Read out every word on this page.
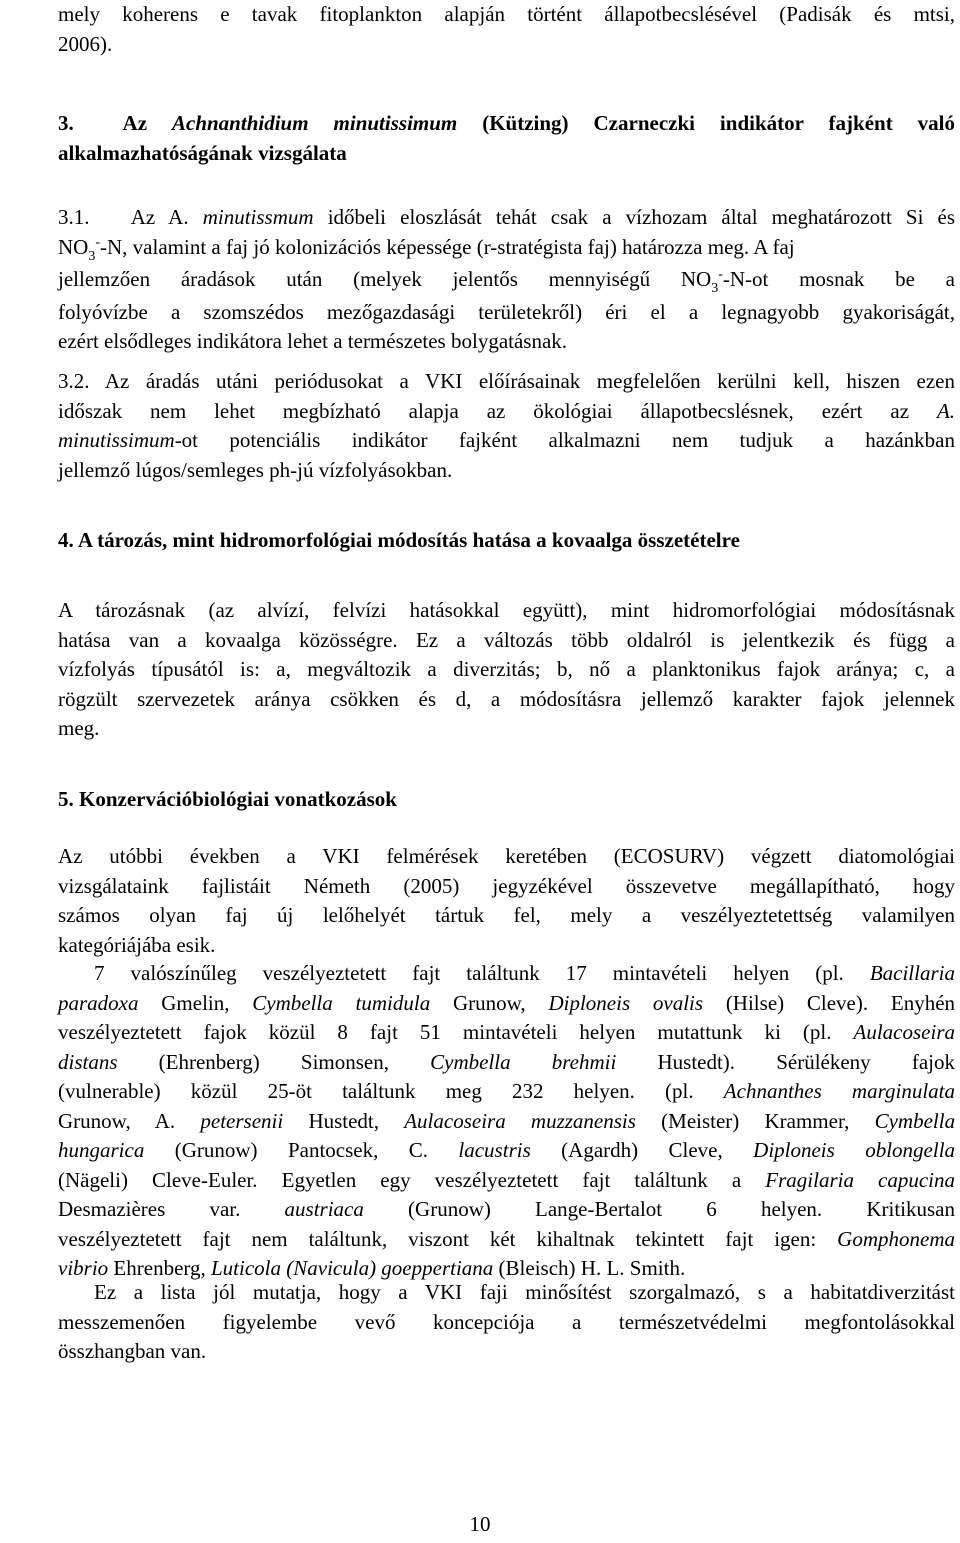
mely koherens e tavak fitoplankton alapján történt állapotbecslésével (Padisák és mtsi,

2006).

3. Az Achnanthidium minutissimum (Kützing) Czarneczki indikátor fajként való

alkalmazhatóságának vizsgálata

3.1. Az A. minutissmum időbeli eloszlását tehát csak a vízhozam által meghatározott Si és

$NO_3^--N$, valamint a faj jó kolonizációs képessége (r-stratégista faj) határozza meg. A faj

jellemzően áradások után (melyek jelentős mennyiségű $NO_3^--N-ot$ mosnak be a

folyóvízbe a szomszédos mezőgazdasági területekről) éri el a legnagyobb gyakoriságát,

ezért elsődleges indikátora lehet a természetes bolygatásnak.

3.2. Az áradás utáni periódusokat a VKI előírásainak megfelelően kerülni kell, hiszen ezen

időszak nem lehet megbízható alapja az ökológiai állapotbecslésnek, ezért az A.

minutissimum-ot potenciális indikátor fajként alkalmazni nem tudjuk a hazánkban

jellemző lúgos/semleges ph-jú vízfolyásokban.

4. A tározás, mint hidromorfológiai módosítás hatása a kovaalga összetételre

A tározásnak (az alvízí, felvízi hatásokkal együtt), mint hidromorfológiai módosításnak

hatása van a kovaalga közösségre. Ez a változás több oldalról is jelentkezik és függ a

vízfolyás típusától is: a, megváltozik a diverzitás; b, nő a planktonikus fajok aránya; c, a

rögzült szervezetek aránya csökken és d, a módosításra jellemző karakter fajok jelennek

meg.

5. Konzervációbiológiai vonatkozások

Az utóbbi években a VKI felmérések keretében (ECOSURV) végzett diatomológiai

vizsgálataink fajlistáit Németh (2005) jegyzékével összevetve megállapítható, hogy

számos olyan faj új lelőhelyét tártuk fel, mely a veszélyeztetettség valamilyen

kategóriájába esik.

7 valószínűleg veszélyeztetett fajt találtunk 17 mintavételi helyen (pl. Bacillaria

paradoxa Gmelin, Cymbella tumidula Grunow, Diploneis ovalis (Hilse) Cleve). Enyhén

veszélyeztetett fajok közül 8 fajt 51 mintavételi helyen mutattunk ki (pl. Aulacoseira

distans (Ehrenberg) Simonsen, Cymbella brehmii Hustedt). Sérülékeny fajok

(vulnerable) közül 25-öt találtunk meg 232 helyen. (pl. Achnanthes marginulata

Grunow, A. petersenii Hustedt, Aulacoseira muzzanensis (Meister) Krammer, Cymbella

hungarica (Grunow) Pantocsek, C. lacustris (Agardh) Cleve, Diploneis oblongella

(Nägeli) Cleve-Euler. Egyetlen egy veszélyeztetett fajt találtunk a Fragilaria capucina

Desmazières var. austriaca (Grunow) Lange-Bertalot 6 helyen. Kritikusan

veszélyeztetett fajt nem találtunk, viszont két kihaltnak tekintett fajt igen: Gomphonema

vibrio Ehrenberg, Luticola (Navicula) goeppertiana (Bleisch) H. L. Smith.

Ez a lista jól mutatja, hogy a VKI faji minősítést szorgalmazó, s a habitatdiverzitást

messzemenően figyelembe vevő koncepciója a természetvédelmi megfontolásokkal

összhangban van.

10
